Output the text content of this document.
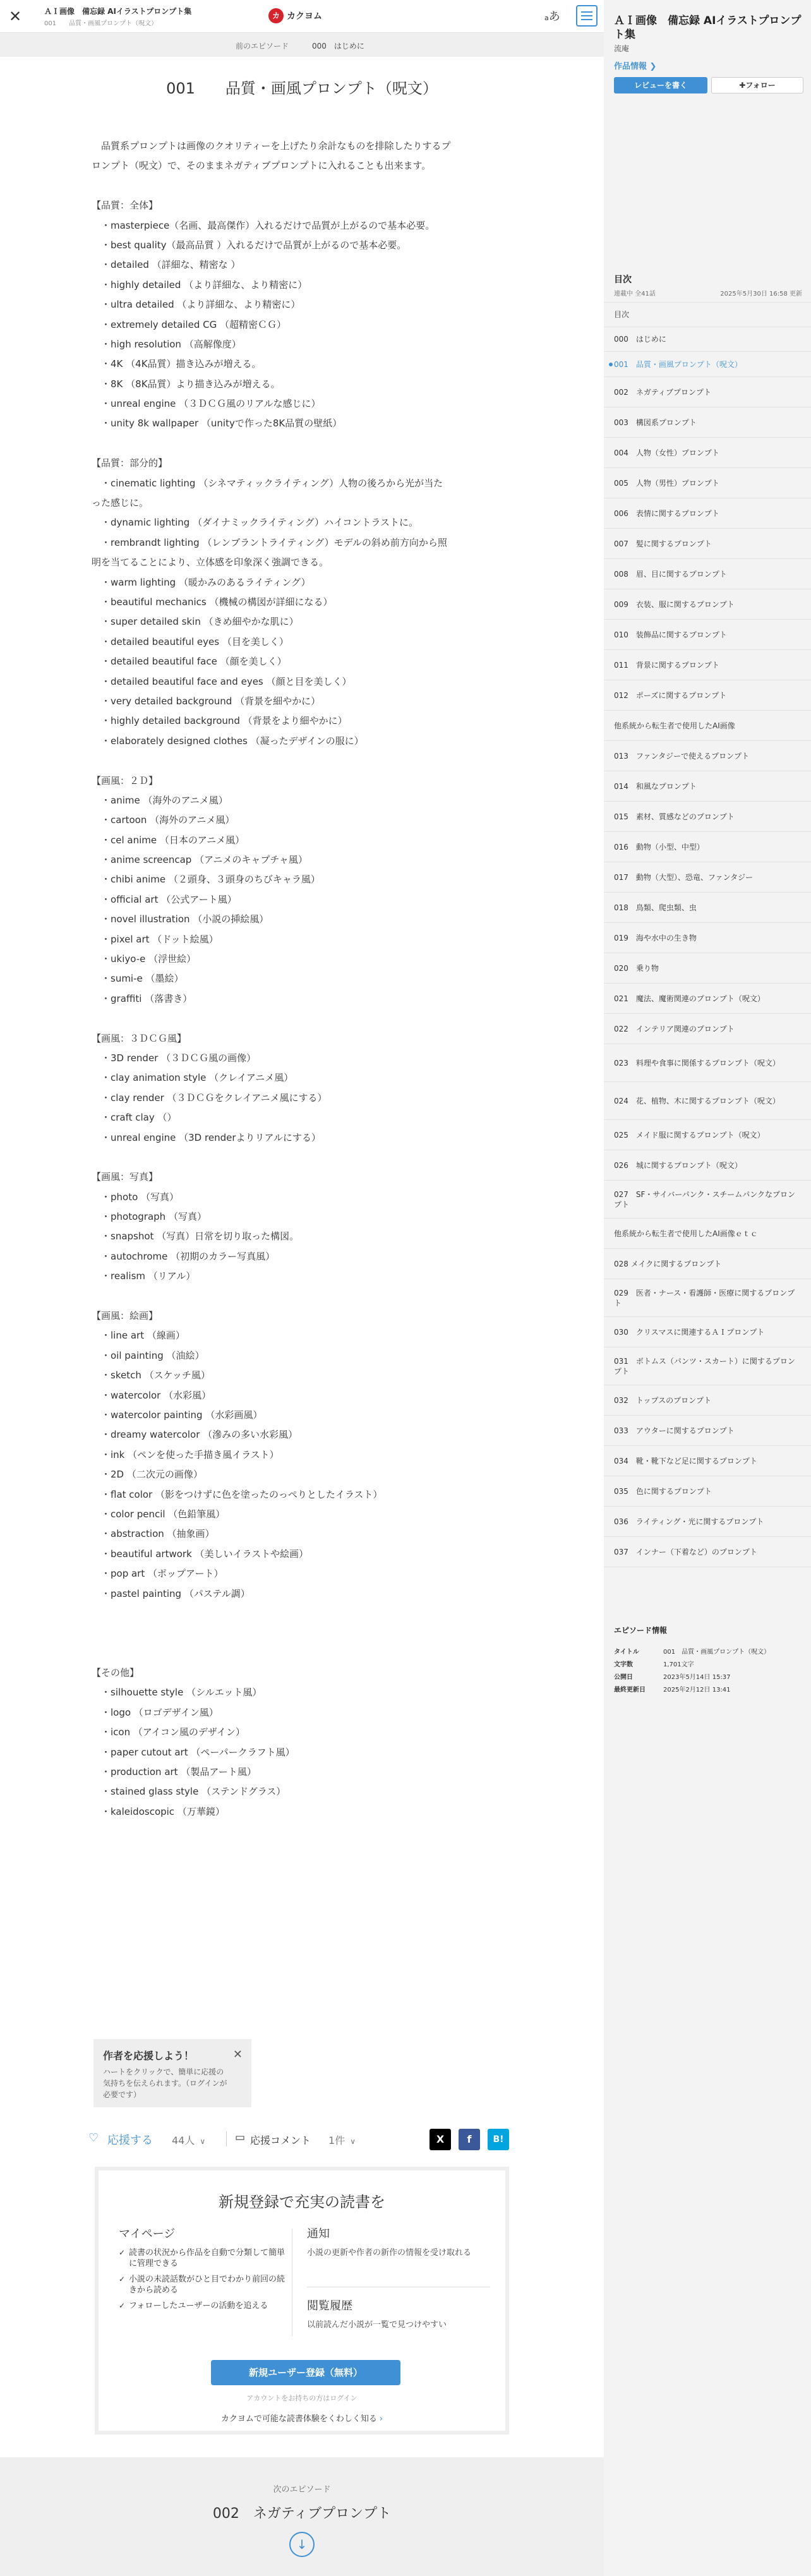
✕	ＡＩ画像　備忘録 AIイラストプロンプト集
001 品質・画風プロンプト（呪文）
カ カクヨム	aあ
前のエピソード	000　 はじめに
001　　 品質・画風プロンプト（呪文）
　品質系プロンプトは画像のクオリティーを上げたり余計なものを排除したりするプ
ロンプト（呪文）で、そのままネガティブプロンプトに入れることも出来ます。
【品質：全体】
　・masterpiece（名画、最高傑作）入れるだけで品質が上がるので基本必要。
　・best quality（最高品質 ）入れるだけで品質が上がるので基本必要。
　・detailed （詳細な、精密な ）
　・highly detailed （より詳細な、より精密に）
　・ultra detailed （より詳細な、より精密に）
　・extremely detailed CG （超精密ＣＧ）
　・high resolution （高解像度）
　・4K （4K品質）描き込みが増える。
　・8K （8K品質）より描き込みが増える。
　・unreal engine （３ＤＣＧ風のリアルな感じに）
　・unity 8k wallpaper （unityで作った8K品質の壁紙）
【品質：部分的】
　・cinematic lighting （シネマティックライティング）人物の後ろから光が当た
った感じに。
　・dynamic lighting （ダイナミックライティング）ハイコントラストに。
　・rembrandt lighting （レンブラントライティング）モデルの斜め前方向から照
明を当てることにより、立体感を印象深く強調できる。
　・warm lighting （暖かみのあるライティング）
　・beautiful mechanics （機械の構図が詳細になる）
　・super detailed skin （きめ細やかな肌に）
　・detailed beautiful eyes （目を美しく）
　・detailed beautiful face （顔を美しく）
　・detailed beautiful face and eyes （顔と目を美しく）
　・very detailed background （背景を細やかに）
　・highly detailed background （背景をより細やかに）
　・elaborately designed clothes （凝ったデザインの服に）
【画風：２Ｄ】
　・anime （海外のアニメ風）
　・cartoon （海外のアニメ風）
　・cel anime （日本のアニメ風）
　・anime screencap （アニメのキャプチャ風）
　・chibi anime （２頭身、３頭身のちびキャラ風）
　・official art （公式アート風）
　・novel illustration （小説の挿絵風）
　・pixel art （ドット絵風）
　・ukiyo-e （浮世絵）
　・sumi-e （墨絵）
　・graffiti （落書き）
【画風：３ＤＣＧ風】
　・3D render （３ＤＣＧ風の画像）
　・clay animation style （クレイアニメ風）
　・clay render （３ＤＣＧをクレイアニメ風にする）
　・craft clay （）
　・unreal engine （3D renderよりリアルにする）
【画風：写真】
　・photo （写真）
　・photograph （写真）
　・snapshot （写真）日常を切り取った構図。
　・autochrome （初期のカラー写真風）
　・realism （リアル）
【画風：絵画】
　・line art （線画）
　・oil painting （油絵）
　・sketch （スケッチ風）
　・watercolor （水彩風）
　・watercolor painting （水彩画風）
　・dreamy watercolor （滲みの多い水彩風）
　・ink （ペンを使った手描き風イラスト）
　・2D （二次元の画像）
　・flat color （影をつけずに色を塗ったのっぺりとしたイラスト）
　・color pencil （色鉛筆風）
　・abstraction （抽象画）
　・beautiful artwork （美しいイラストや絵画）
　・pop art （ポップアート）
　・pastel painting （パステル調）
【その他】
　・silhouette style （シルエット風）
　・logo （ロゴデザイン風）
　・icon （アイコン風のデザイン）
　・paper cutout art （ペーパークラフト風）
　・production art （製品アート風）
　・stained glass style （ステンドグラス）
　・kaleidoscopic （万華鏡）
作者を応援しよう！
ハートをクリックで、簡単に応援の気持ちを伝えられます。（ログインが必要です）
✕
♡ 応援する 44人 ∨	▭ 応援コメント 1件 ∨	X	f	B!
新規登録で充実の読書を
マイページ
✓ 読書の状況から作品を自動で分類して簡単に管理できる
✓ 小説の未読話数がひと目でわかり前回の続きから読める
✓ フォローしたユーザーの活動を追える
通知
小説の更新や作者の新作の情報を受け取れる
閲覧履歴
以前読んだ小説が一覧で見つけやすい
新規ユーザー登録（無料）
アカウントをお持ちの方はログイン
カクヨムで可能な読書体験をくわしく知る ›
次のエピソード
002　 ネガティブプロンプト
↓
ＡＩ画像　備忘録 AIイラストプロンプト集
流庵
作品情報 ❯
レビューを書く	✚フォロー
目次
連載中 全41話	2025年5月30日 16:58 更新
目次
000　はじめに
001　品質・画風プロンプト（呪文）
002　ネガティブプロンプト
003　構図系プロンプト
004　人物（女性）プロンプト
005　人物（男性）プロンプト
006　表情に関するプロンプト
007　髪に関するプロンプト
008　眉、目に関するプロンプト
009　衣装、服に関するプロンプト
010　装飾品に関するプロンプト
011　背景に関するプロンプト
012　ポーズに関するプロンプト
他系統から転生者で使用したAI画像
013　ファンタジーで使えるプロンプト
014　和風なプロンプト
015　素材、質感などのプロンプト
016　動物（小型、中型）
017　動物（大型）、恐竜、ファンタジー
018　鳥類、爬虫類、虫
019　海や水中の生き物
020　乗り物
021　魔法、魔術関連のプロンプト（呪文）
022　インテリア関連のプロンプト
023　料理や食事に関係するプロンプト（呪文）
024　花、植物、木に関するプロンプト（呪文）
025　メイド服に関するプロンプト（呪文）
026　城に関するプロンプト（呪文）
027　SF・サイバーパンク・スチームパンクなプロンプト
他系統から転生者で使用したAI画像ｅｔｃ
028 メイクに関するプロンプト
029　医者・ナース・看護師・医療に関するプロンプト
030　クリスマスに関連するＡＩプロンプト
031　ボトムス（パンツ・スカート）に関するプロンプト
032　トップスのプロンプト
033　アウターに関するプロンプト
034　靴・靴下など足に関するプロンプト
035　色に関するプロンプト
036　ライティング・光に関するプロンプト
037　インナー（下着など）のプロンプト
エピソード情報
タイトル	001　品質・画風プロンプト（呪文）
文字数	1,701文字
公開日	2023年5月14日 15:37
最終更新日	2025年2月12日 13:41
